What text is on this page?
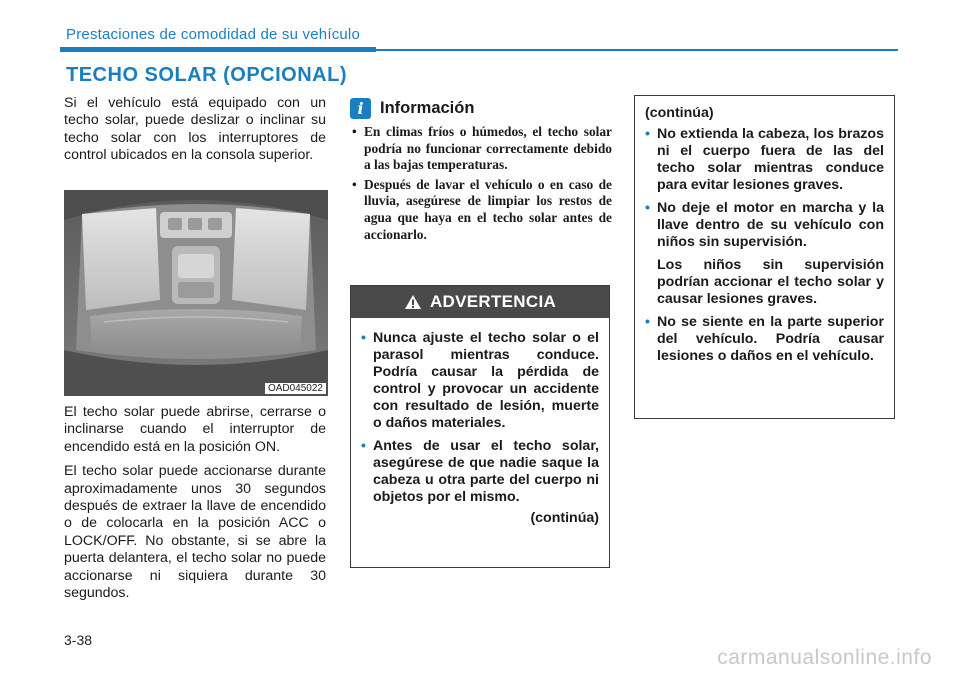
Prestaciones de comodidad de su vehículo
TECHO SOLAR (OPCIONAL)

Si el vehículo está equipado con un techo solar, puede deslizar o inclinar su techo solar con los interruptores de control ubicados en la consola superior.

OAD045022

El techo solar puede abrirse, cerrarse o inclinarse cuando el interruptor de encendido está en la posición ON.

El techo solar puede accionarse durante aproximadamente unos 30 segundos después de extraer la llave de encendido o de colocarla en la posición ACC o LOCK/OFF. No obstante, si se abre la puerta delantera, el techo solar no puede accionarse ni siquiera durante 30 segundos.

i Información
• En climas fríos o húmedos, el techo solar podría no funcionar correctamente debido a las bajas temperaturas.
• Después de lavar el vehículo o en caso de lluvia, asegúrese de limpiar los restos de agua que haya en el techo solar antes de accionarlo.
ADVERTENCIA
• Nunca ajuste el techo solar o el parasol mientras conduce. Podría causar la pérdida de control y provocar un accidente con resultado de lesión, muerte o daños materiales.
• Antes de usar el techo solar, asegúrese de que nadie saque la cabeza u otra parte del cuerpo ni objetos por el mismo.
(continúa)
(continúa)

• No extienda la cabeza, los brazos ni el cuerpo fuera de las del techo solar mientras conduce para evitar lesiones graves.

• No deje el motor en marcha y la llave dentro de su vehículo con niños sin supervisión.

Los niños sin supervisión podrían accionar el techo solar y causar lesiones graves.

• No se siente en la parte superior del vehículo. Podría causar lesiones o daños en el vehículo.

3-38
carmanualsonline.info
